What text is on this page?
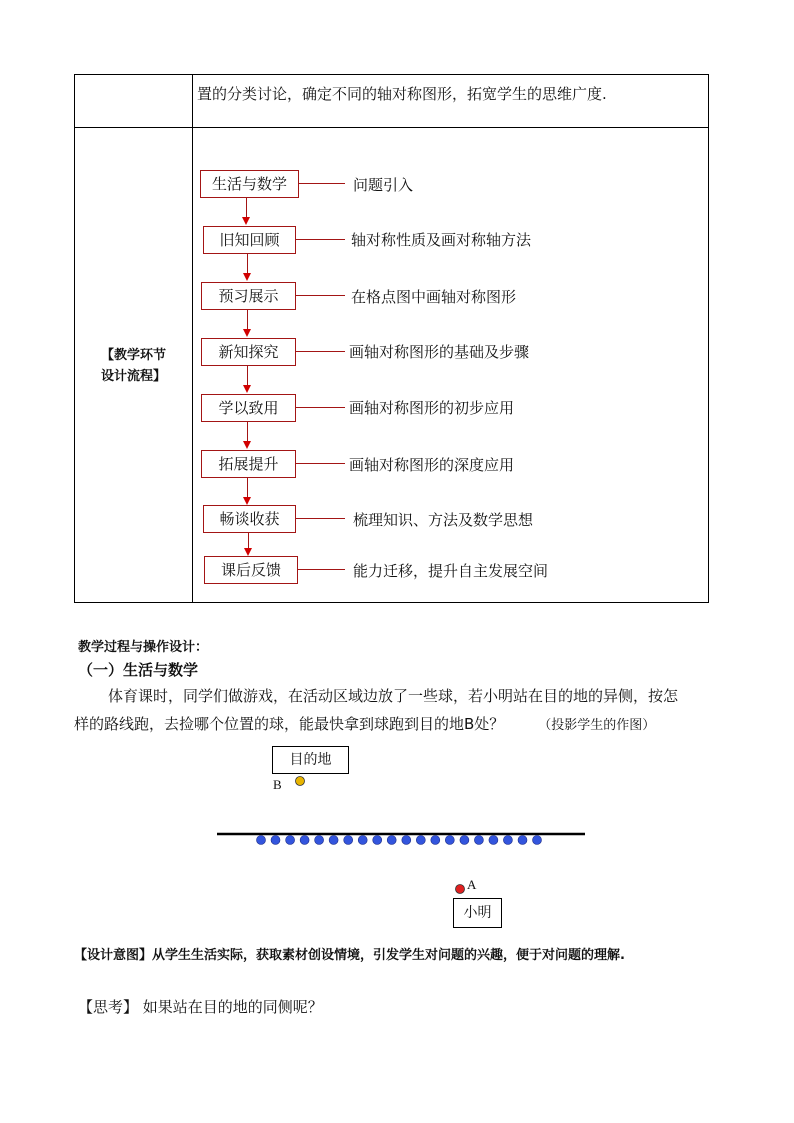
置的分类讨论，确定不同的轴对称图形，拓宽学生的思维广度.
【教学环节
设计流程】
生活与数学	问题引入
旧知回顾	轴对称性质及画对称轴方法
预习展示	在格点图中画轴对称图形
新知探究	画轴对称图形的基础及步骤
学以致用	画轴对称图形的初步应用
拓展提升	画轴对称图形的深度应用
畅谈收获	梳理知识、方法及数学思想
课后反馈	能力迁移，提升自主发展空间
教学过程与操作设计：
（一）生活与数学
体育课时，同学们做游戏，在活动区域边放了一些球，若小明站在目的地的异侧，按怎
样的路线跑，去捡哪个位置的球，能最快拿到球跑到目的地B处？	（投影学生的作图）
目的地
B
A
小明
【设计意图】从学生生活实际，获取素材创设情境，引发学生对问题的兴趣，便于对问题的理解.
【思考】 如果站在目的地的同侧呢？
